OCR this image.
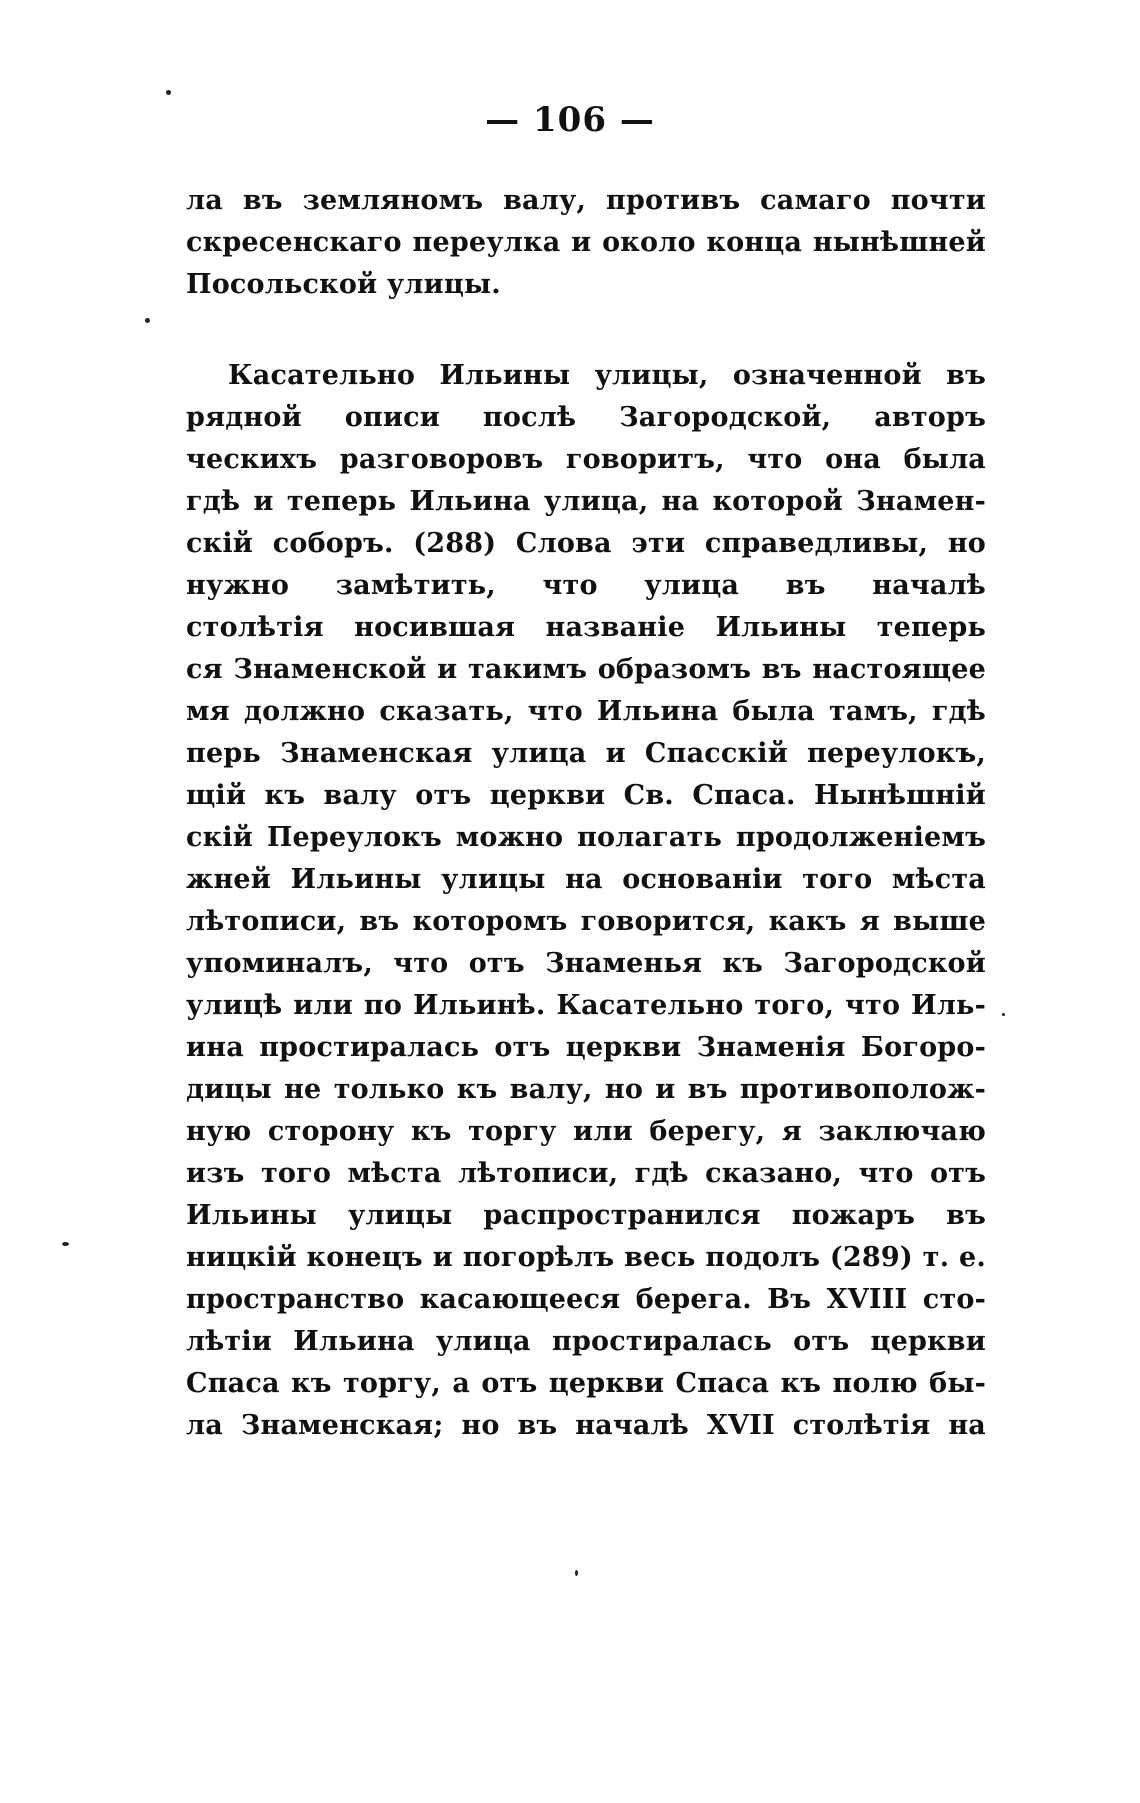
— 106 —
ла въ земляномъ валу, противъ самаго почти
скресенскаго переулка и около конца нынѣшней
Посольской улицы.
Касательно Ильины улицы, означенной въ
рядной описи послѣ Загородской, авторъ
ческихъ разговоровъ говоритъ, что она была
гдѣ и теперь Ильина улица, на которой Знамен-
скій соборъ. (288) Слова эти справедливы, но
нужно замѣтить, что улица въ началѣ
столѣтія носившая названіе Ильины теперь
ся Знаменской и такимъ образомъ въ настоящее
мя должно сказать, что Ильина была тамъ, гдѣ
перь Знаменская улица и Спасскій переулокъ,
щій къ валу отъ церкви Св. Спаса. Нынѣшній
скій Переулокъ можно полагать продолженіемъ
жней Ильины улицы на основаніи того мѣста
лѣтописи, въ которомъ говорится, какъ я выше
упоминалъ, что отъ Знаменья къ Загородской
улицѣ или по Ильинѣ. Касательно того, что Иль-
ина простиралась отъ церкви Знаменія Богоро-
дицы не только къ валу, но и въ противополож-
ную сторону къ торгу или берегу, я заключаю
изъ того мѣста лѣтописи, гдѣ сказано, что отъ
Ильины улицы распространился пожаръ въ
ницкій конецъ и погорѣлъ весь подолъ (289) т. е.
пространство касающееся берега. Въ XVIII сто-
лѣтіи Ильина улица простиралась отъ церкви
Спаса къ торгу, а отъ церкви Спаса къ полю бы-
ла Знаменская; но въ началѣ XVII столѣтія на
